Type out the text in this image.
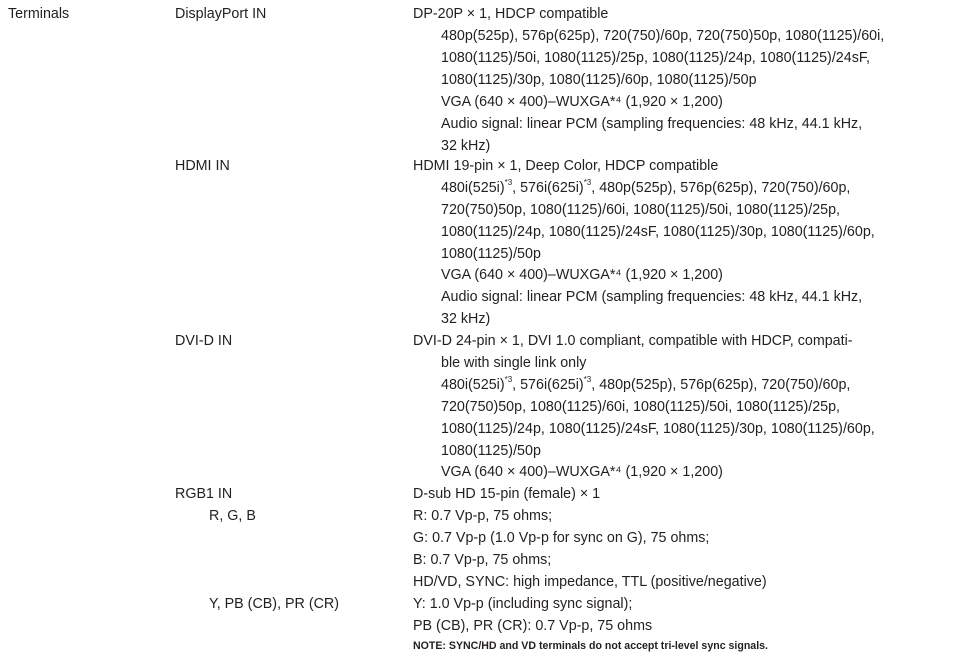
Terminals	DisplayPort IN	DP-20P × 1, HDCP compatible
480p(525p), 576p(625p), 720(750)/60p, 720(750)50p, 1080(1125)/60i,
1080(1125)/50i, 1080(1125)/25p, 1080(1125)/24p, 1080(1125)/24sF,
1080(1125)/30p, 1080(1125)/60p, 1080(1125)/50p
VGA (640 × 400)–WUXGA*⁴ (1,920 × 1,200)
Audio signal: linear PCM (sampling frequencies: 48 kHz, 44.1 kHz,
32 kHz)
HDMI IN	HDMI 19-pin × 1, Deep Color, HDCP compatible
$480i(525i)^{*3}$, $576i(625i)^{*3}$, 480p(525p), 576p(625p), 720(750)/60p,
720(750)50p, 1080(1125)/60i, 1080(1125)/50i, 1080(1125)/25p,
1080(1125)/24p, 1080(1125)/24sF, 1080(1125)/30p, 1080(1125)/60p,
1080(1125)/50p
VGA (640 × 400)–WUXGA*⁴ (1,920 × 1,200)
Audio signal: linear PCM (sampling frequencies: 48 kHz, 44.1 kHz,
32 kHz)
DVI-D IN	DVI-D 24-pin × 1, DVI 1.0 compliant, compatible with HDCP, compati-
ble with single link only
$480i(525i)^{*3}$, $576i(625i)^{*3}$, 480p(525p), 576p(625p), 720(750)/60p,
720(750)50p, 1080(1125)/60i, 1080(1125)/50i, 1080(1125)/25p,
1080(1125)/24p, 1080(1125)/24sF, 1080(1125)/30p, 1080(1125)/60p,
1080(1125)/50p
VGA (640 × 400)–WUXGA*⁴ (1,920 × 1,200)
RGB1 IN	D-sub HD 15-pin (female) × 1
R, G, B	R: 0.7 Vp-p, 75 ohms;
G: 0.7 Vp-p (1.0 Vp-p for sync on G), 75 ohms;
B: 0.7 Vp-p, 75 ohms;
HD/VD, SYNC: high impedance, TTL (positive/negative)
Y, PB (CB), PR (CR)	Y: 1.0 Vp-p (including sync signal);
PB (CB), PR (CR): 0.7 Vp-p, 75 ohms
NOTE: SYNC/HD and VD terminals do not accept tri-level sync signals.
